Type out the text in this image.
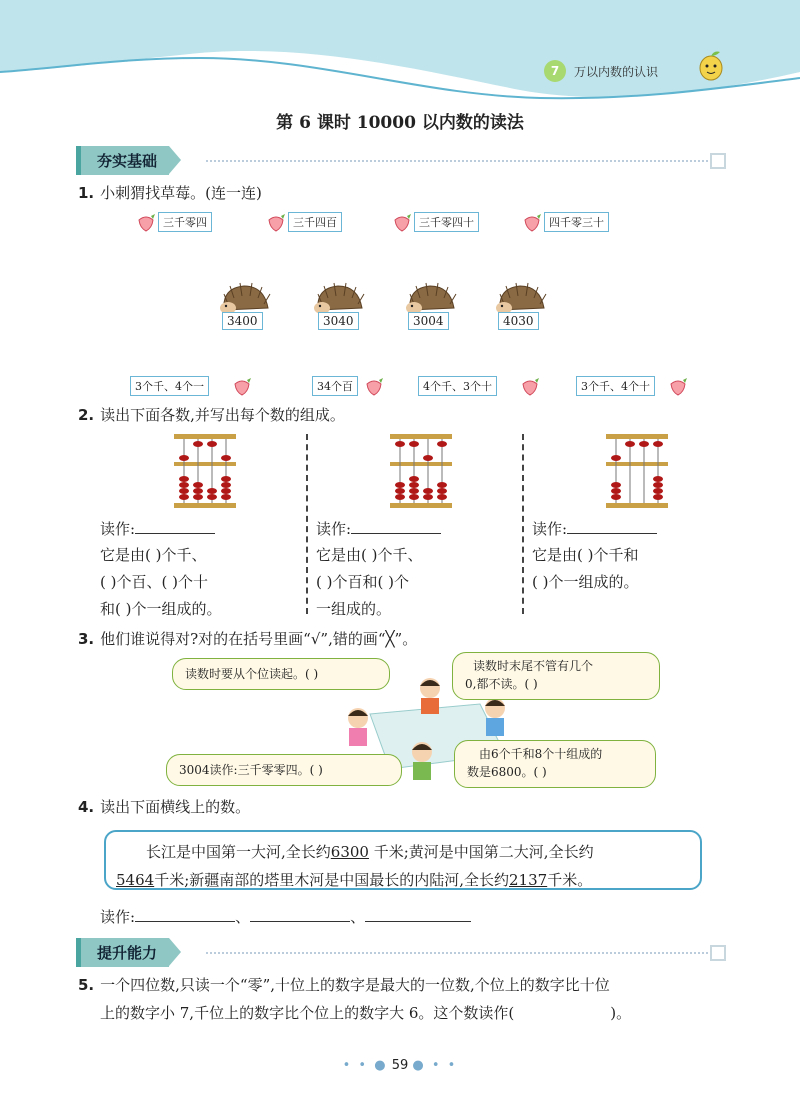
7	万以内数的认识
第 6 课时 10000 以内数的读法
夯实基础
1. 小刺猬找草莓。(连一连)
三千零四	三千四百	三千零四十	四千零三十
3400	3040	3004	4030
3个千、4个一	34个百	4个千、3个十	3个千、4个十
2. 读出下面各数,并写出每个数的组成。
读作:
它是由( )个千、
( )个百、( )个十
和( )个一组成的。
读作:
它是由( )个千、
( )个百和( )个
一组成的。
读作:
它是由( )个千和
( )个一组成的。
3. 他们谁说得对?对的在括号里画“√”,错的画“╳”。
读数时要从个位读起。( )
读数时末尾不管有几个
0,都不读。( )
3004读作:三千零零四。( )
由6个千和8个十组成的
数是6800。( )
4. 读出下面横线上的数。
长江是中国第一大河,全长约6300 千米;黄河是中国第二大河,全长约
5464千米;新疆南部的塔里木河是中国最长的内陆河,全长约2137千米。
读作:	、	、
提升能力
5. 一个四位数,只读一个“零”,十位上的数字是最大的一位数,个位上的数字比十位
上的数字小 7,千位上的数字比个位上的数字大 6。这个数读作(	)。
• • ● 59 ● • •
